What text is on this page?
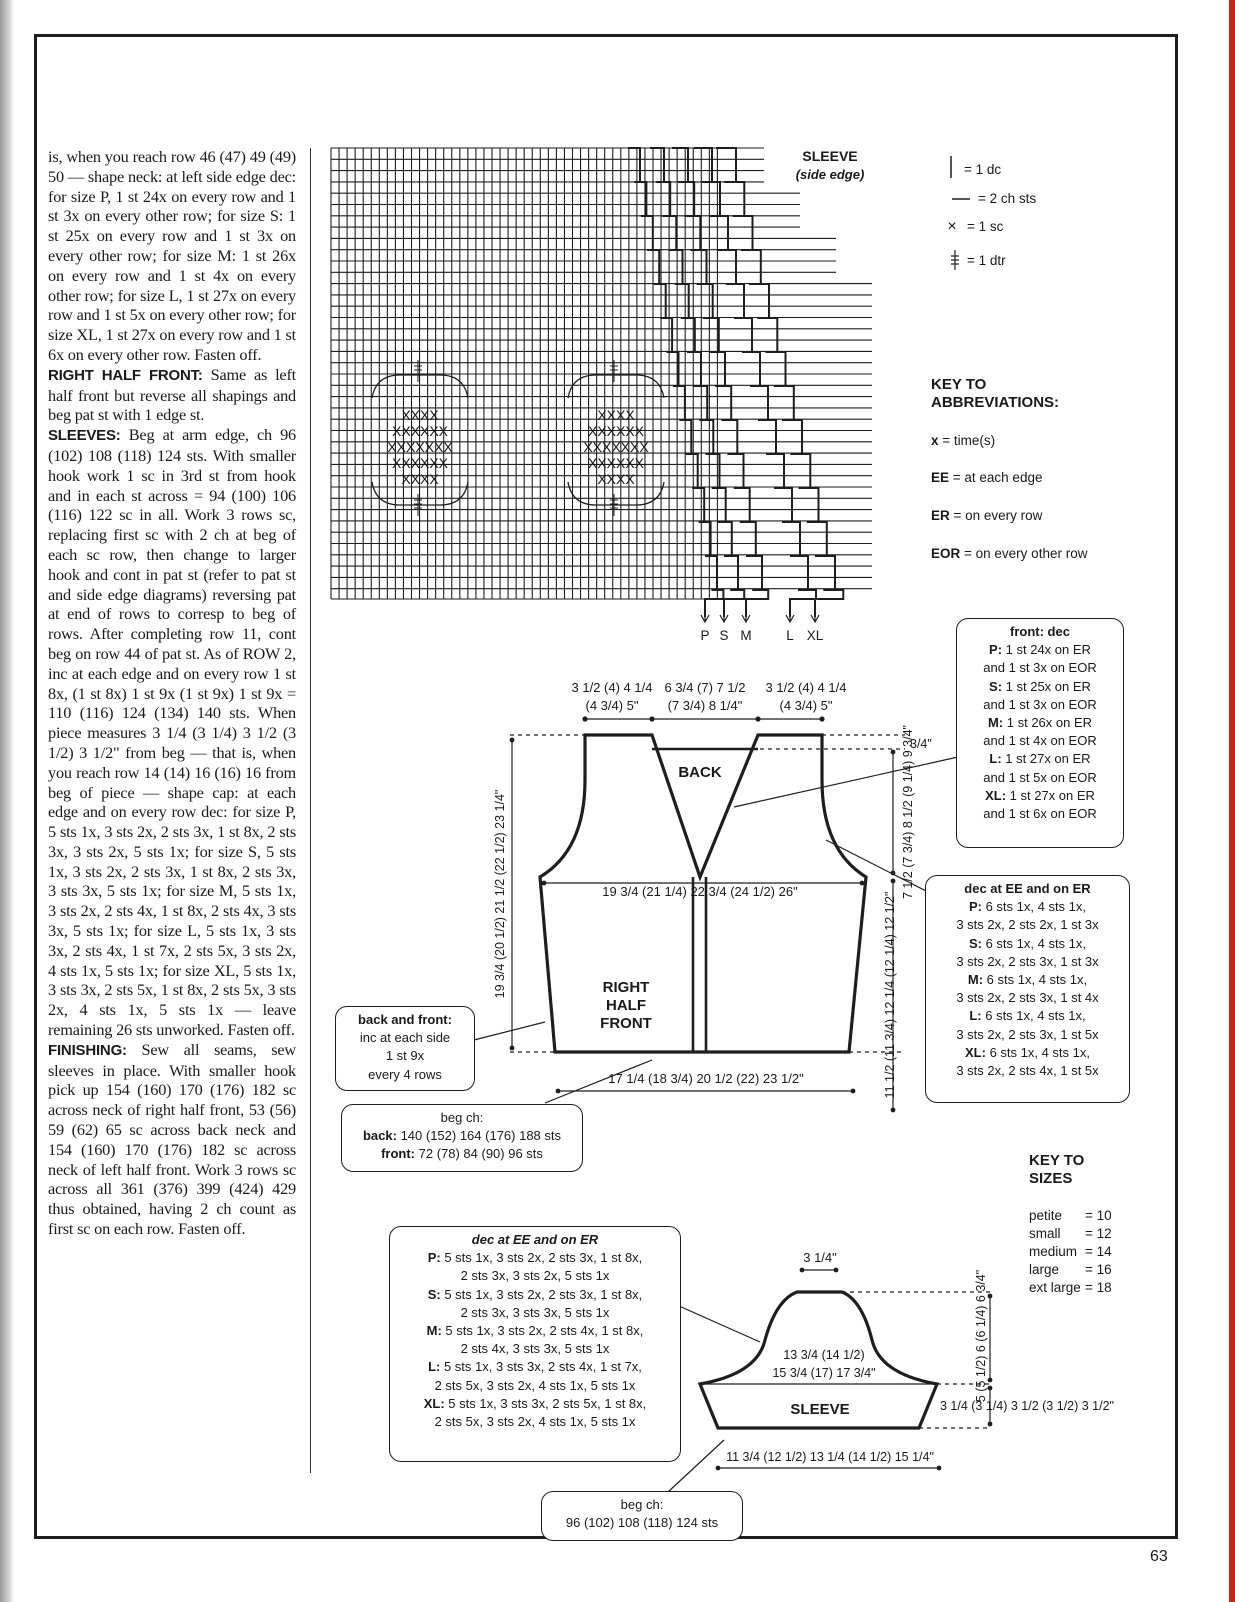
is, when you reach row 46 (47) 49 (49) 50 — shape neck: at left side edge dec: for size P, 1 st 24x on every row and 1 st 3x on every other row; for size S: 1 st 25x on every row and 1 st 3x on every other row; for size M: 1 st 26x on every row and 1 st 4x on every other row; for size L, 1 st 27x on every row and 1 st 5x on every other row; for size XL, 1 st 27x on every row and 1 st 6x on every other row. Fasten off.

RIGHT HALF FRONT: Same as left half front but reverse all shapings and beg pat st with 1 edge st.

SLEEVES: Beg at arm edge, ch 96 (102) 108 (118) 124 sts. With smaller hook work 1 sc in 3rd st from hook and in each st across = 94 (100) 106 (116) 122 sc in all. Work 3 rows sc, replacing first sc with 2 ch at beg of each sc row, then change to larger hook and cont in pat st (refer to pat st and side edge diagrams) reversing pat at end of rows to corresp to beg of rows. After completing row 11, cont beg on row 44 of pat st. As of ROW 2, inc at each edge and on every row 1 st 8x, (1 st 8x) 1 st 9x (1 st 9x) 1 st 9x = 110 (116) 124 (134) 140 sts. When piece measures 3 1/4 (3 1/4) 3 1/2 (3 1/2) 3 1/2" from beg — that is, when you reach row 14 (14) 16 (16) 16 from beg of piece — shape cap: at each edge and on every row dec: for size P, 5 sts 1x, 3 sts 2x, 2 sts 3x, 1 st 8x, 2 sts 3x, 3 sts 2x, 5 sts 1x; for size S, 5 sts 1x, 3 sts 2x, 2 sts 3x, 1 st 8x, 2 sts 3x, 3 sts 3x, 5 sts 1x; for size M, 5 sts 1x, 3 sts 2x, 2 sts 4x, 1 st 8x, 2 sts 4x, 3 sts 3x, 5 sts 1x; for size L, 5 sts 1x, 3 sts 3x, 2 sts 4x, 1 st 7x, 2 sts 5x, 3 sts 2x, 4 sts 1x, 5 sts 1x; for size XL, 5 sts 1x, 3 sts 3x, 2 sts 5x, 1 st 8x, 2 sts 5x, 3 sts 2x, 4 sts 1x, 5 sts 1x — leave remaining 26 sts unworked. Fasten off.

FINISHING: Sew all seams, sew sleeves in place. With smaller hook pick up 154 (160) 170 (176) 182 sc across neck of right half front, 53 (56) 59 (62) 65 sc across back neck and 154 (160) 170 (176) 182 sc across neck of left half front. Work 3 rows sc across all 361 (376) 399 (424) 429 thus obtained, having 2 ch count as first sc on each row. Fasten off.

XXXX
XXXXXX
XXXXXXX
XXXXXX
XXXX
XXXX
XXXXXX
XXXXXXX
XXXXXX
XXXX
P S M	L XL
SLEEVE
(side edge)
×
= 1 dc
= 2 ch sts
= 1 sc
= 1 dtr
3 1/2 (4) 4 1/4
(4 3/4) 5"
6 3/4 (7) 7 1/2
(7 3/4) 8 1/4"
3 1/2 (4) 4 1/4
(4 3/4) 5"
3/4"
BACK
19 3/4 (21 1/4) 22 3/4 (24 1/2) 26"
RIGHT
HALF
FRONT
17 1/4 (18 3/4) 20 1/2 (22) 23 1/2"
19 3/4 (20 1/2) 21 1/2 (22 1/2) 23 1/4"	7 1/2 (7 3/4) 8 1/2 (9 1/4) 9 3/4"
11 1/2 (11 3/4) 12 1/4 (12 1/4) 12 1/2"
3 1/4"
13 3/4 (14 1/2)
15 3/4 (17) 17 3/4"
SLEEVE
5 (5 1/2) 6 (6 1/4) 6 3/4"
3 1/4 (3 1/4) 3 1/2 (3 1/2) 3 1/2"
11 3/4 (12 1/2) 13 1/4 (14 1/2) 15 1/4"
KEY TO
ABBREVIATIONS:
x = time(s)
EE = at each edge
ER = on every row
EOR = on every other row
KEY TO
SIZES
petite = 10
small = 12
medium = 14
large = 16
ext large = 18
front: dec
P: 1 st 24x on ER
and 1 st 3x on EOR
S: 1 st 25x on ER
and 1 st 3x on EOR
M: 1 st 26x on ER
and 1 st 4x on EOR
L: 1 st 27x on ER
and 1 st 5x on EOR
XL: 1 st 27x on ER
and 1 st 6x on EOR
dec at EE and on ER
P: 6 sts 1x, 4 sts 1x,
3 sts 2x, 2 sts 2x, 1 st 3x
S: 6 sts 1x, 4 sts 1x,
3 sts 2x, 2 sts 3x, 1 st 3x
M: 6 sts 1x, 4 sts 1x,
3 sts 2x, 2 sts 3x, 1 st 4x
L: 6 sts 1x, 4 sts 1x,
3 sts 2x, 2 sts 3x, 1 st 5x
XL: 6 sts 1x, 4 sts 1x,
3 sts 2x, 2 sts 4x, 1 st 5x
back and front:
inc at each side
1 st 9x
every 4 rows
beg ch:
back: 140 (152) 164 (176) 188 sts
front: 72 (78) 84 (90) 96 sts
dec at EE and on ER
P: 5 sts 1x, 3 sts 2x, 2 sts 3x, 1 st 8x,
2 sts 3x, 3 sts 2x, 5 sts 1x
S: 5 sts 1x, 3 sts 2x, 2 sts 3x, 1 st 8x,
2 sts 3x, 3 sts 3x, 5 sts 1x
M: 5 sts 1x, 3 sts 2x, 2 sts 4x, 1 st 8x,
2 sts 4x, 3 sts 3x, 5 sts 1x
L: 5 sts 1x, 3 sts 3x, 2 sts 4x, 1 st 7x,
2 sts 5x, 3 sts 2x, 4 sts 1x, 5 sts 1x
XL: 5 sts 1x, 3 sts 3x, 2 sts 5x, 1 st 8x,
2 sts 5x, 3 sts 2x, 4 sts 1x, 5 sts 1x
beg ch:
96 (102) 108 (118) 124 sts
63
